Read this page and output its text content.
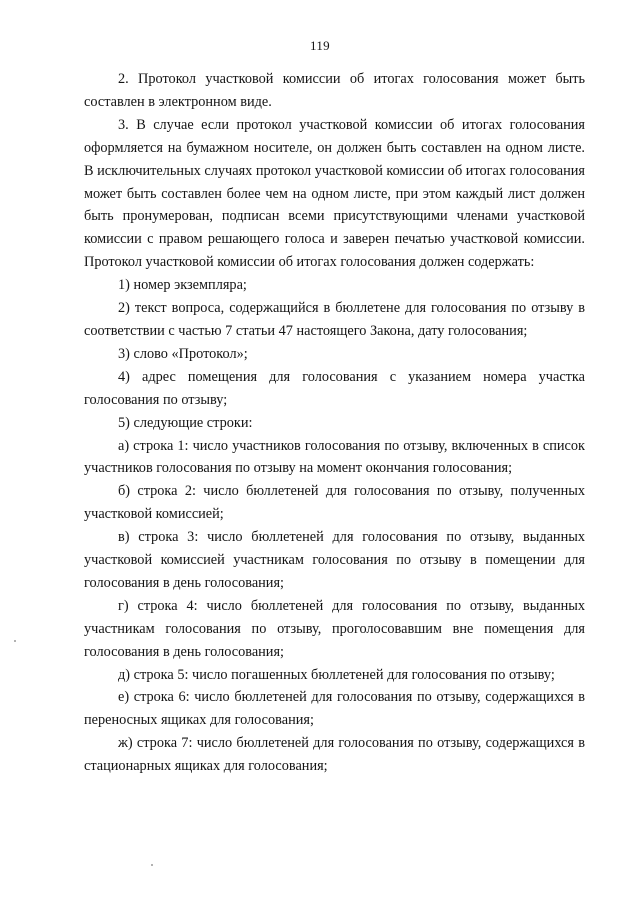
119

2. Протокол участковой комиссии об итогах голосования может быть составлен в электронном виде.

3. В случае если протокол участковой комиссии об итогах голосования оформляется на бумажном носителе, он должен быть составлен на одном листе. В исключительных случаях протокол участковой комиссии об итогах голосования может быть составлен более чем на одном листе, при этом каждый лист должен быть пронумерован, подписан всеми присутствующими членами участковой комиссии с правом решающего голоса и заверен печатью участковой комиссии. Протокол участковой комиссии об итогах голосования должен содержать:

1) номер экземпляра;

2) текст вопроса, содержащийся в бюллетене для голосования по отзыву в соответствии с частью 7 статьи 47 настоящего Закона, дату голосования;

3) слово «Протокол»;

4) адрес помещения для голосования с указанием номера участка голосования по отзыву;

5) следующие строки:

а) строка 1: число участников голосования по отзыву, включенных в список участников голосования по отзыву на момент окончания голосования;

б) строка 2: число бюллетеней для голосования по отзыву, полученных участковой комиссией;

в) строка 3: число бюллетеней для голосования по отзыву, выданных участковой комиссией участникам голосования по отзыву в помещении для голосования в день голосования;

г) строка 4: число бюллетеней для голосования по отзыву, выданных участникам голосования по отзыву, проголосовавшим вне помещения для голосования в день голосования;

д) строка 5: число погашенных бюллетеней для голосования по отзыву;

е) строка 6: число бюллетеней для голосования по отзыву, содержащихся в переносных ящиках для голосования;

ж) строка 7: число бюллетеней для голосования по отзыву, содержащихся в стационарных ящиках для голосования;
